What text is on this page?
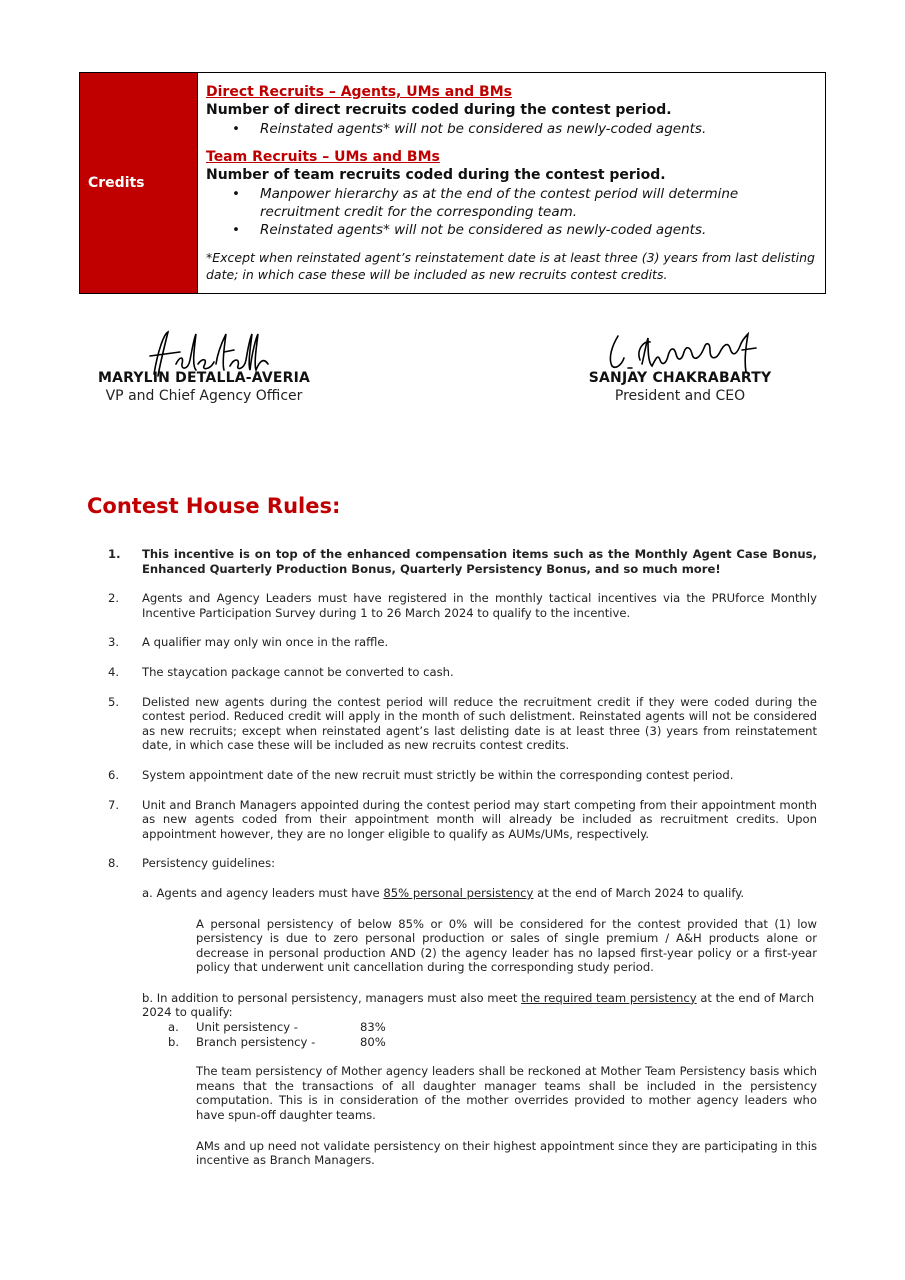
Credits
Direct Recruits – Agents, UMs and BMs
Number of direct recruits coded during the contest period.
• Reinstated agents* will not be considered as newly-coded agents.
Team Recruits – UMs and BMs
Number of team recruits coded during the contest period.
• Manpower hierarchy as at the end of the contest period will determine recruitment credit for the corresponding team.
• Reinstated agents* will not be considered as newly-coded agents.
*Except when reinstated agent’s reinstatement date is at least three (3) years from last delisting date; in which case these will be included as new recruits contest credits.
MARYLIN DETALLA-AVERIA
VP and Chief Agency Officer
SANJAY CHAKRABARTY
President and CEO
Contest House Rules:
1.	This incentive is on top of the enhanced compensation items such as the Monthly Agent Case Bonus, Enhanced Quarterly Production Bonus, Quarterly Persistency Bonus, and so much more!
2.	Agents and Agency Leaders must have registered in the monthly tactical incentives via the PRUforce Monthly Incentive Participation Survey during 1 to 26 March 2024 to qualify to the incentive.
3.	A qualifier may only win once in the raffle.
4.	The staycation package cannot be converted to cash.
5.	Delisted new agents during the contest period will reduce the recruitment credit if they were coded during the contest period. Reduced credit will apply in the month of such delistment. Reinstated agents will not be considered as new recruits; except when reinstated agent’s last delisting date is at least three (3) years from reinstatement date, in which case these will be included as new recruits contest credits.
6.	System appointment date of the new recruit must strictly be within the corresponding contest period.
7.	Unit and Branch Managers appointed during the contest period may start competing from their appointment month as new agents coded from their appointment month will already be included as recruitment credits. Upon appointment however, they are no longer eligible to qualify as AUMs/UMs, respectively.
8.	Persistency guidelines:
a. Agents and agency leaders must have 85% personal persistency at the end of March 2024 to qualify.
A personal persistency of below 85% or 0% will be considered for the contest provided that (1) low persistency is due to zero personal production or sales of single premium / A&H products alone or decrease in personal production AND (2) the agency leader has no lapsed first-year policy or a first-year policy that underwent unit cancellation during the corresponding study period.
b. In addition to personal persistency, managers must also meet the required team persistency at the end of March 2024 to qualify:
a.	Unit persistency -	83%
b.	Branch persistency -	80%
The team persistency of Mother agency leaders shall be reckoned at Mother Team Persistency basis which means that the transactions of all daughter manager teams shall be included in the persistency computation. This is in consideration of the mother overrides provided to mother agency leaders who have spun-off daughter teams.
AMs and up need not validate persistency on their highest appointment since they are participating in this incentive as Branch Managers.
